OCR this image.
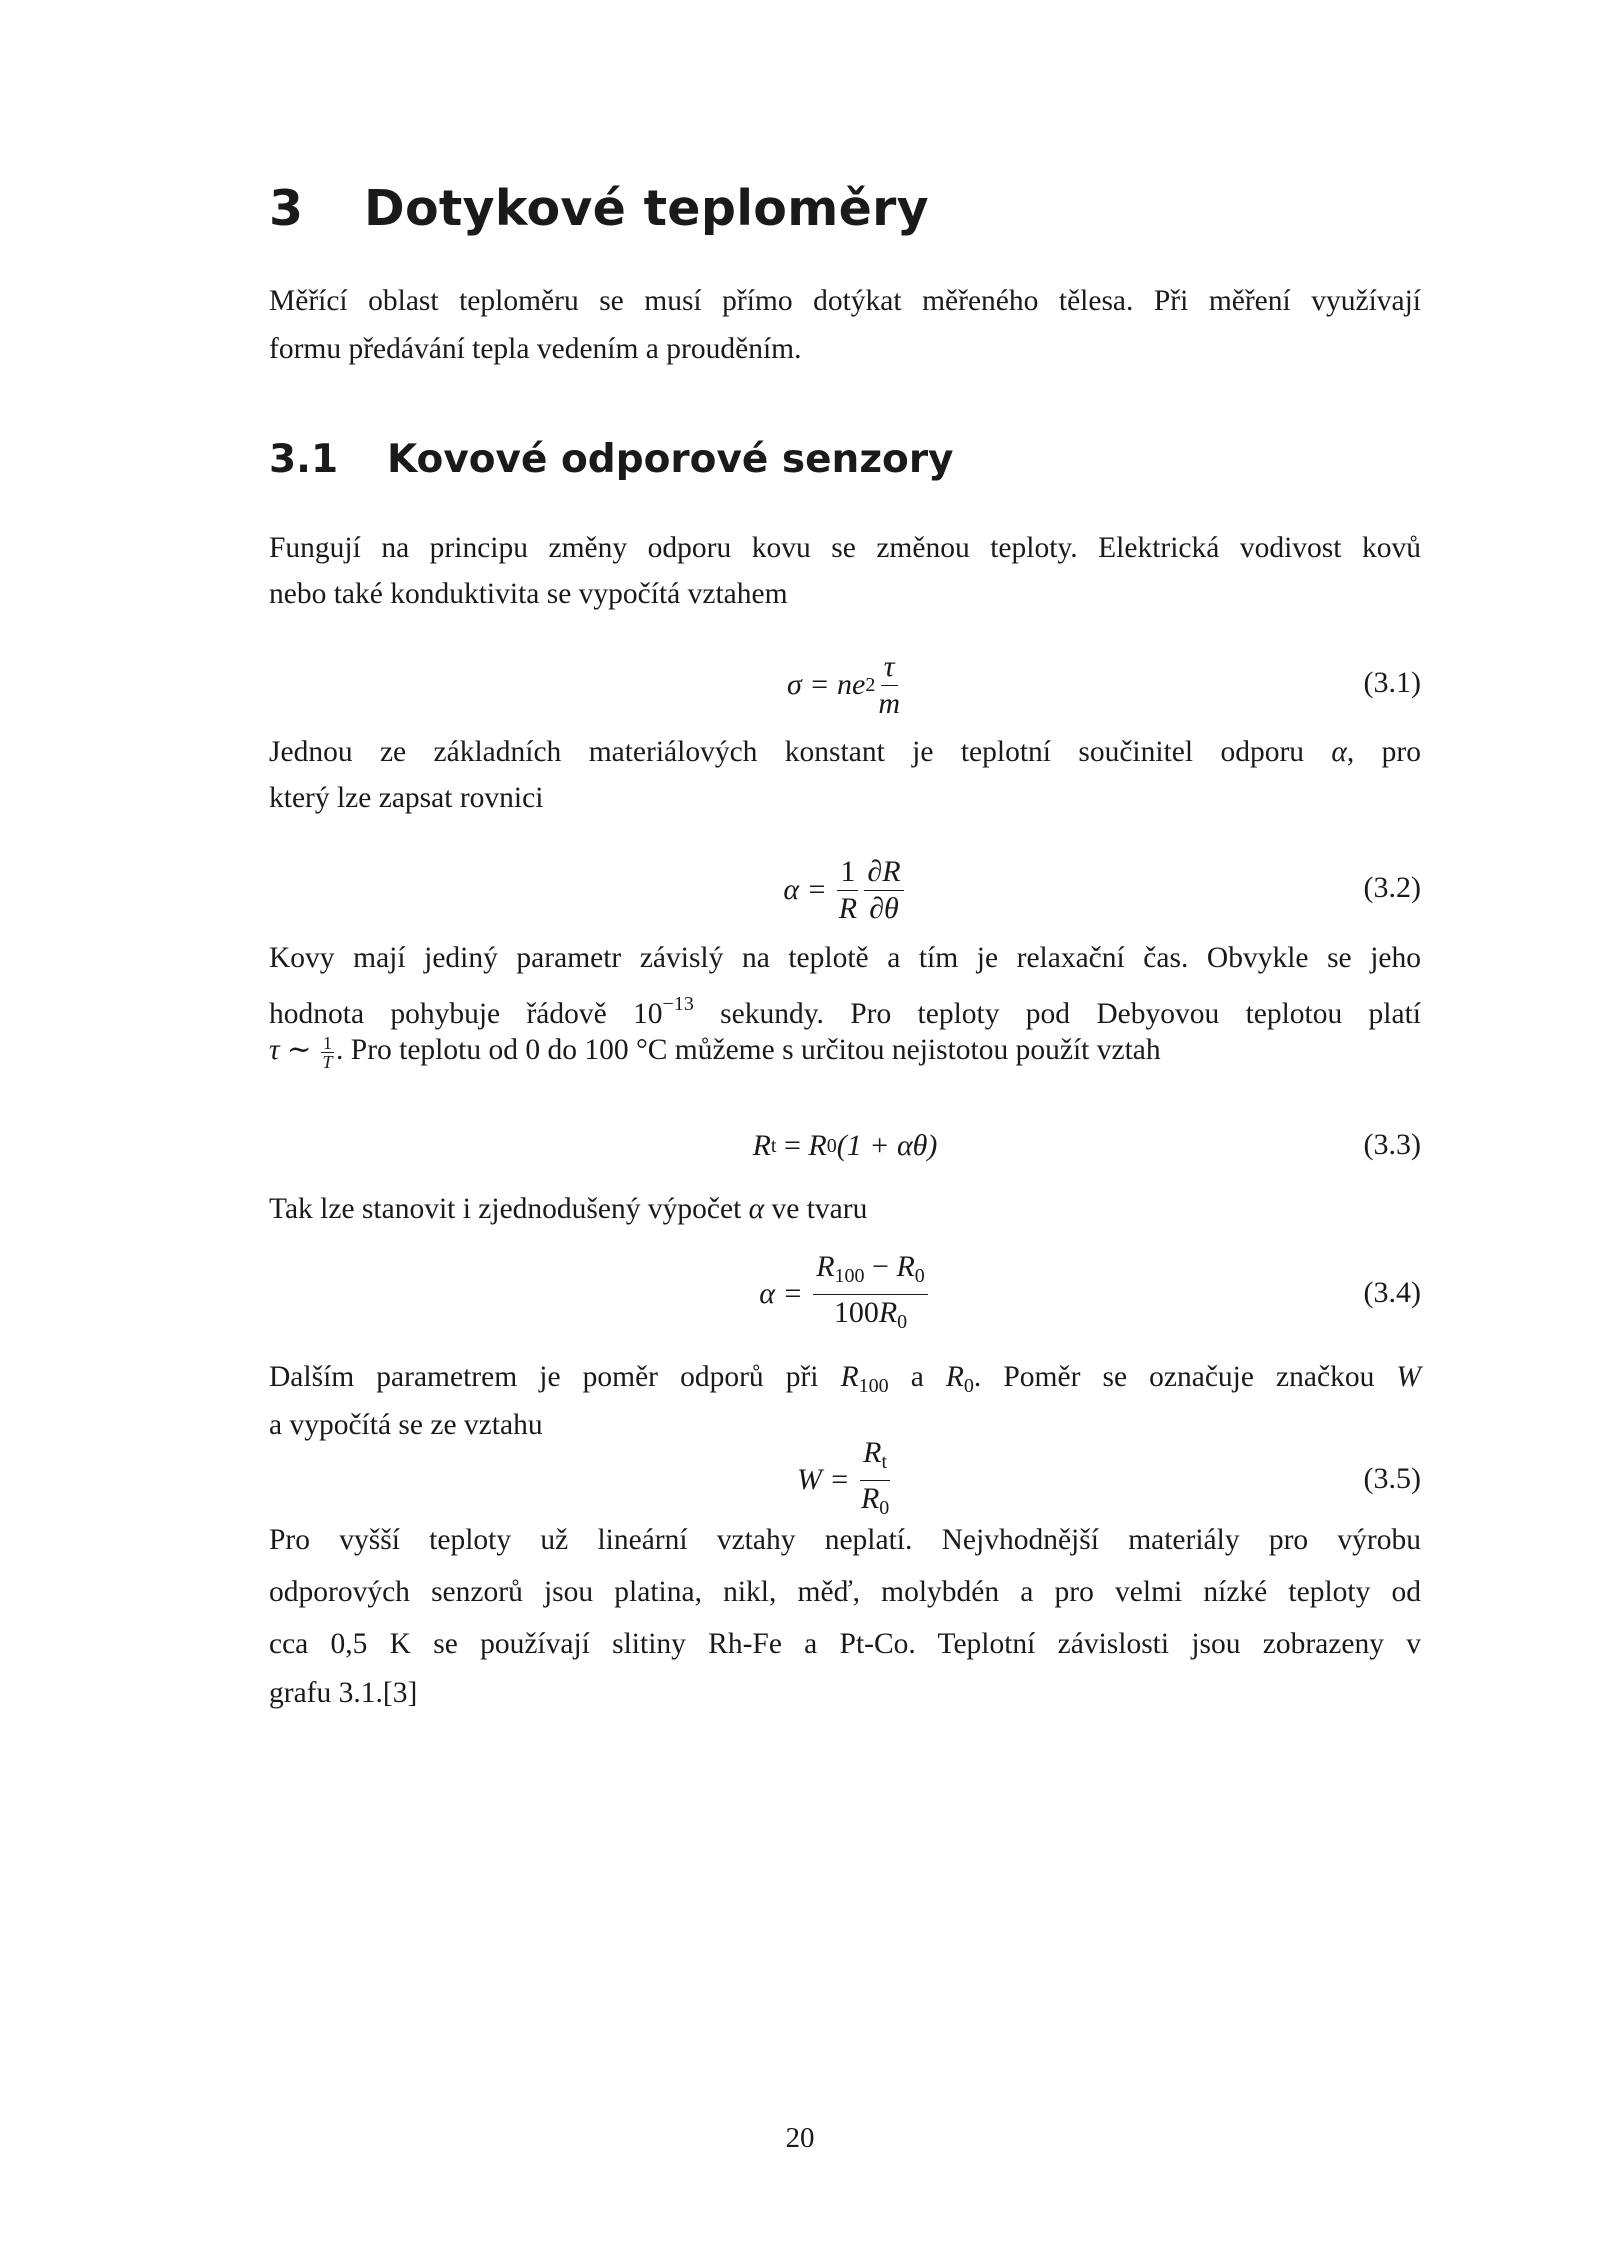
3 Dotykové teploměry
Měřící oblast teploměru se musí přímo dotýkat měřeného tělesa. Při měření využívají
formu předávání tepla vedením a prouděním.
3.1 Kovové odporové senzory
Fungují na principu změny odporu kovu se změnou teploty. Elektrická vodivost kovů
nebo také konduktivita se vypočítá vztahem
σ = ne $2 \frac{\tau}{m}$	(3.1)
Jednou ze základních materiálových konstant je teplotní součinitel odporu α, pro
který lze zapsat rovnici
α =
$\frac{1}{R} \frac{\partial R}{\partial\theta}$	(3.2)
Kovy mají jediný parametr závislý na teplotě a tím je relaxační čas. Obvykle se jeho
hodnota pohybuje řádově $10^{-13}$ sekundy. Pro teploty pod Debyovou teplotou platí
τ ∼ $\frac{1}{T}$ . Pro teplotu od 0 do 100 °C můžeme s určitou nejistotou použít vztah
R t = R 0 (1 + αθ)	(3.3)
Tak lze stanovit i zjednodušený výpočet α ve tvaru
α =
$\frac{R_{100} - R_0}{100R_0}$	(3.4)
Dalším parametrem je poměr odporů při $R_{100}$ a $R_0$. Poměr se označuje značkou W
a vypočítá se ze vztahu
W =
$\frac{R_t}{R_0}$	(3.5)
Pro vyšší teploty už lineární vztahy neplatí. Nejvhodnější materiály pro výrobu
odporových senzorů jsou platina, nikl, měď, molybdén a pro velmi nízké teploty od
cca 0,5 K se používají slitiny Rh-Fe a Pt-Co. Teplotní závislosti jsou zobrazeny v
grafu 3.1.[3]
20
